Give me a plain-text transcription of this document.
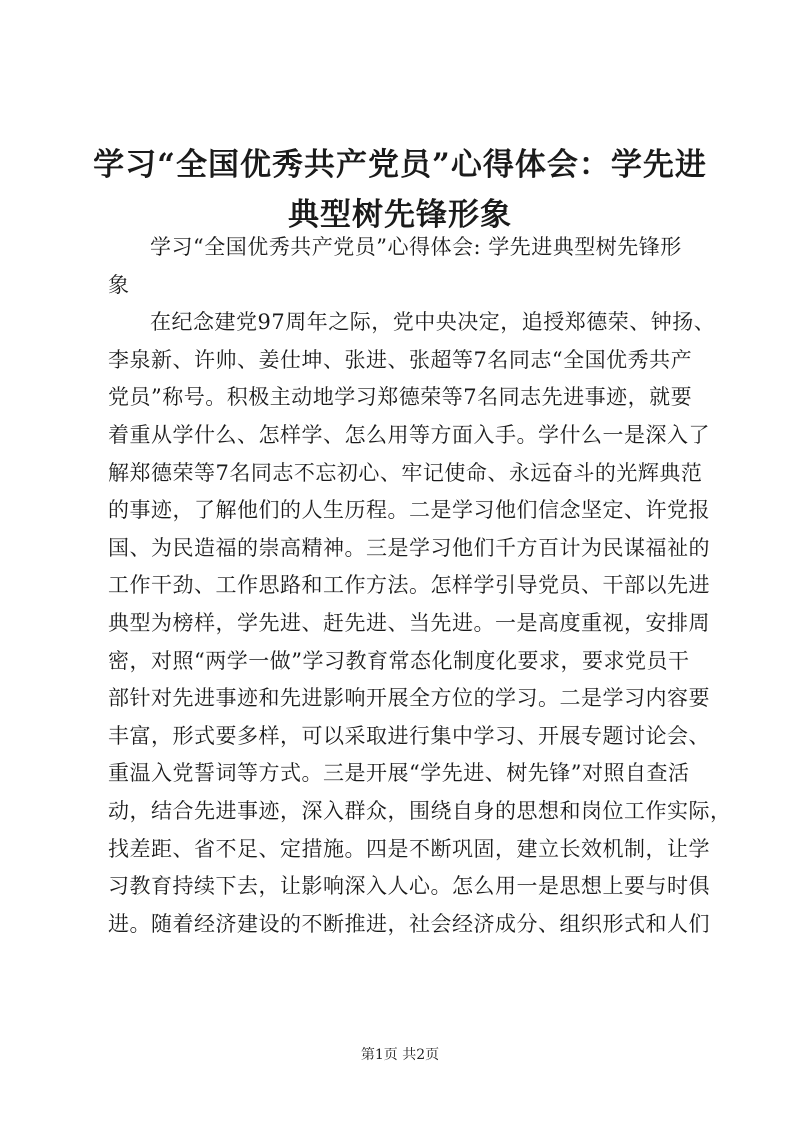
学习“全国优秀共产党员”心得体会：学先进
典型树先锋形象
学习“全国优秀共产党员”心得体会: 学先进典型树先锋形
象
在纪念建党97周年之际，党中央决定，追授郑德荣、钟扬、
李泉新、许帅、姜仕坤、张进、张超等7名同志“全国优秀共产
党员”称号。积极主动地学习郑德荣等7名同志先进事迹，就要
着重从学什么、怎样学、怎么用等方面入手。学什么一是深入了
解郑德荣等7名同志不忘初心、牢记使命、永远奋斗的光辉典范
的事迹，了解他们的人生历程。二是学习他们信念坚定、许党报
国、为民造福的崇高精神。三是学习他们千方百计为民谋福祉的
工作干劲、工作思路和工作方法。怎样学引导党员、干部以先进
典型为榜样，学先进、赶先进、当先进。一是高度重视，安排周
密，对照“两学一做”学习教育常态化制度化要求，要求党员干
部针对先进事迹和先进影响开展全方位的学习。二是学习内容要
丰富，形式要多样，可以采取进行集中学习、开展专题讨论会、
重温入党誓词等方式。三是开展“学先进、树先锋”对照自查活
动，结合先进事迹，深入群众，围绕自身的思想和岗位工作实际，
找差距、省不足、定措施。四是不断巩固，建立长效机制，让学
习教育持续下去，让影响深入人心。怎么用一是思想上要与时俱
进。随着经济建设的不断推进，社会经济成分、组织形式和人们
第1页 共2页
